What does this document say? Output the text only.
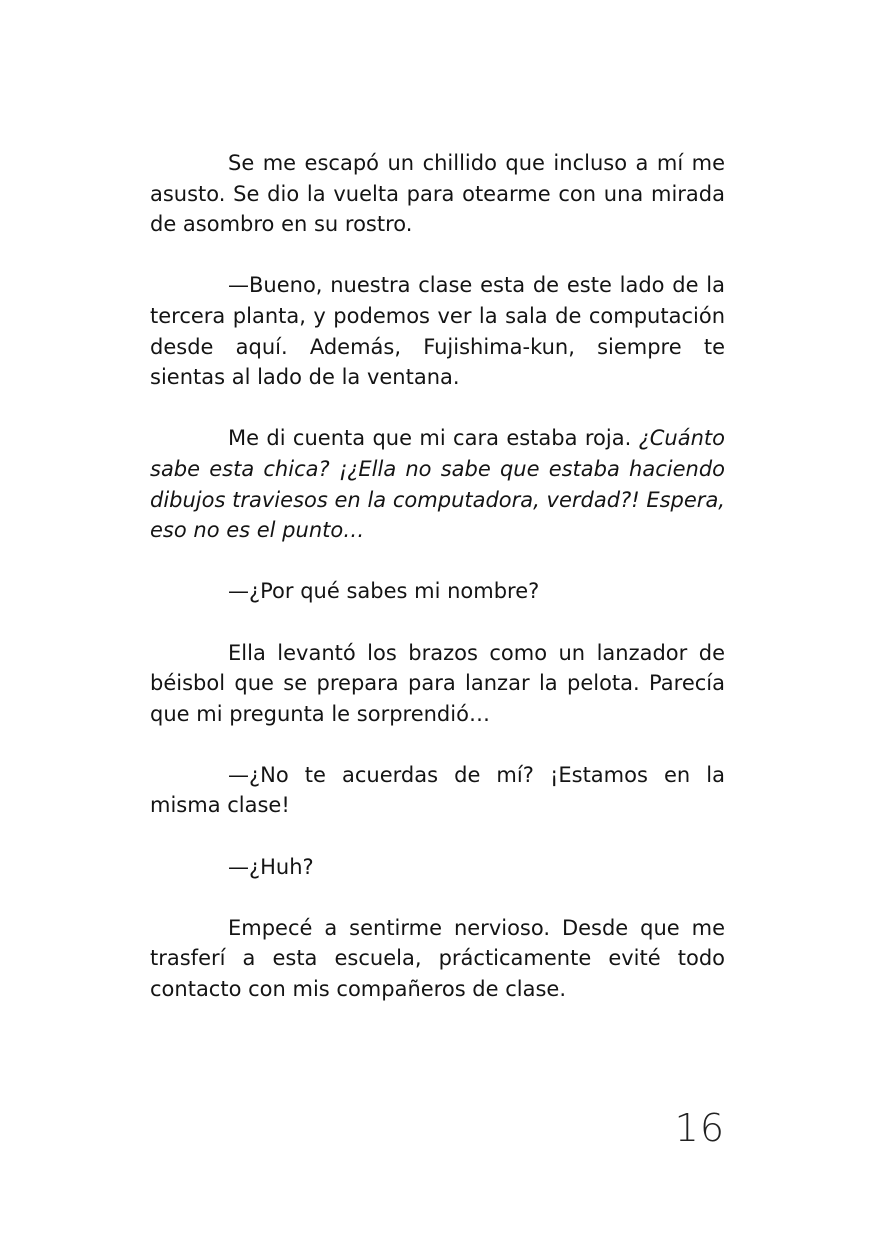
Se me escapó un chillido que incluso a mí me asusto. Se dio la vuelta para otearme con una mirada de asombro en su rostro.

—Bueno, nuestra clase esta de este lado de la tercera planta, y podemos ver la sala de computación desde aquí. Además, Fujishima-kun, siempre te sientas al lado de la ventana.

Me di cuenta que mi cara estaba roja. ¿Cuánto sabe esta chica? ¡¿Ella no sabe que estaba haciendo dibujos traviesos en la computadora, verdad?! Espera, eso no es el punto…

—¿Por qué sabes mi nombre?

Ella levantó los brazos como un lanzador de béisbol que se prepara para lanzar la pelota. Parecía que mi pregunta le sorprendió…

—¿No te acuerdas de mí? ¡Estamos en la misma clase!

—¿Huh?

Empecé a sentirme nervioso. Desde que me trasferí a esta escuela, prácticamente evité todo contacto con mis compañeros de clase.

16
